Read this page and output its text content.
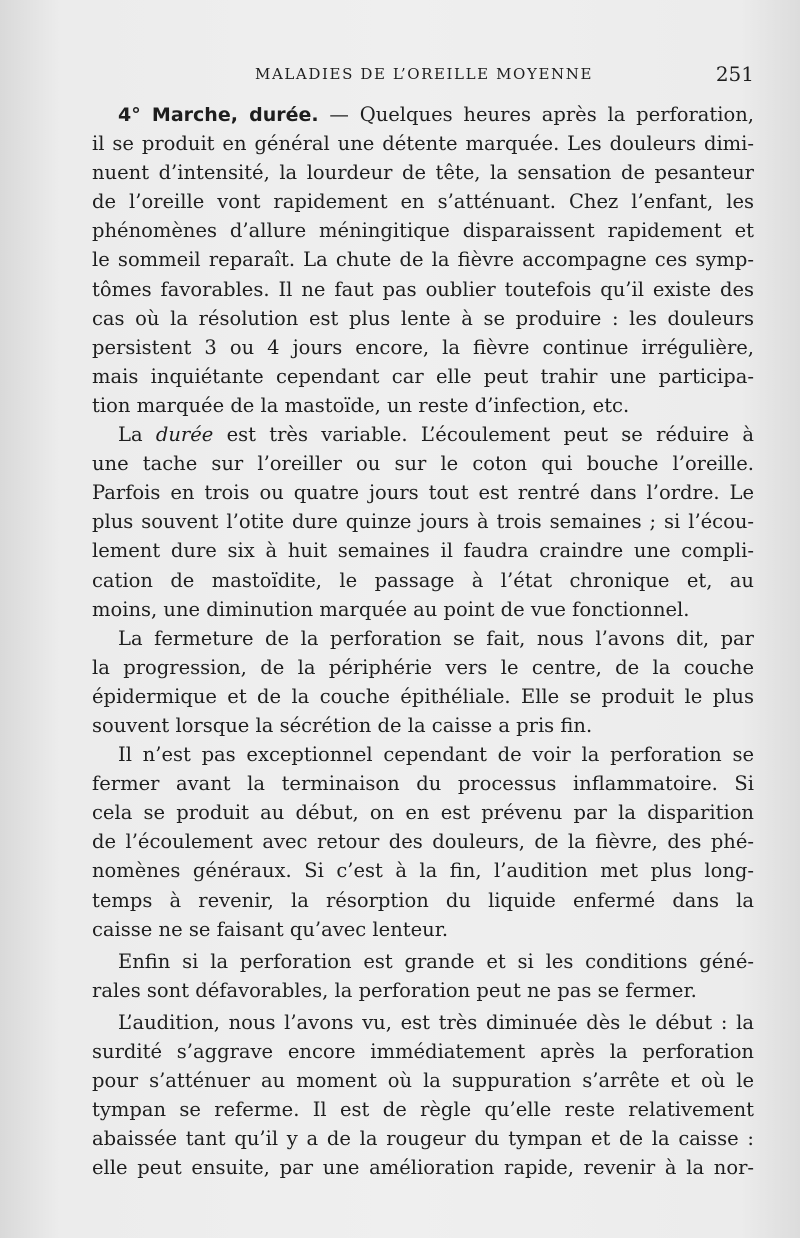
MALADIES DE L’OREILLE MOYENNE	251
4° Marche, durée. — Quelques heures après la perforation,
il se produit en général une détente marquée. Les douleurs dimi-
nuent d’intensité, la lourdeur de tête, la sensation de pesanteur
de l’oreille vont rapidement en s’atténuant. Chez l’enfant, les
phénomènes d’allure méningitique disparaissent rapidement et
le sommeil reparaît. La chute de la fièvre accompagne ces symp-
tômes favorables. Il ne faut pas oublier toutefois qu’il existe des
cas où la résolution est plus lente à se produire : les douleurs
persistent 3 ou 4 jours encore, la fièvre continue irrégulière,
mais inquiétante cependant car elle peut trahir une participa-
tion marquée de la mastoïde, un reste d’infection, etc.
La durée est très variable. L’écoulement peut se réduire à
une tache sur l’oreiller ou sur le coton qui bouche l’oreille.
Parfois en trois ou quatre jours tout est rentré dans l’ordre. Le
plus souvent l’otite dure quinze jours à trois semaines ; si l’écou-
lement dure six à huit semaines il faudra craindre une compli-
cation de mastoïdite, le passage à l’état chronique et, au
moins, une diminution marquée au point de vue fonctionnel.
La fermeture de la perforation se fait, nous l’avons dit, par
la progression, de la périphérie vers le centre, de la couche
épidermique et de la couche épithéliale. Elle se produit le plus
souvent lorsque la sécrétion de la caisse a pris fin.
Il n’est pas exceptionnel cependant de voir la perforation se
fermer avant la terminaison du processus inflammatoire. Si
cela se produit au début, on en est prévenu par la disparition
de l’écoulement avec retour des douleurs, de la fièvre, des phé-
nomènes généraux. Si c’est à la fin, l’audition met plus long-
temps à revenir, la résorption du liquide enfermé dans la
caisse ne se faisant qu’avec lenteur.
Enfin si la perforation est grande et si les conditions géné-
rales sont défavorables, la perforation peut ne pas se fermer.
L’audition, nous l’avons vu, est très diminuée dès le début : la
surdité s’aggrave encore immédiatement après la perforation
pour s’atténuer au moment où la suppuration s’arrête et où le
tympan se referme. Il est de règle qu’elle reste relativement
abaissée tant qu’il y a de la rougeur du tympan et de la caisse :
elle peut ensuite, par une amélioration rapide, revenir à la nor-
